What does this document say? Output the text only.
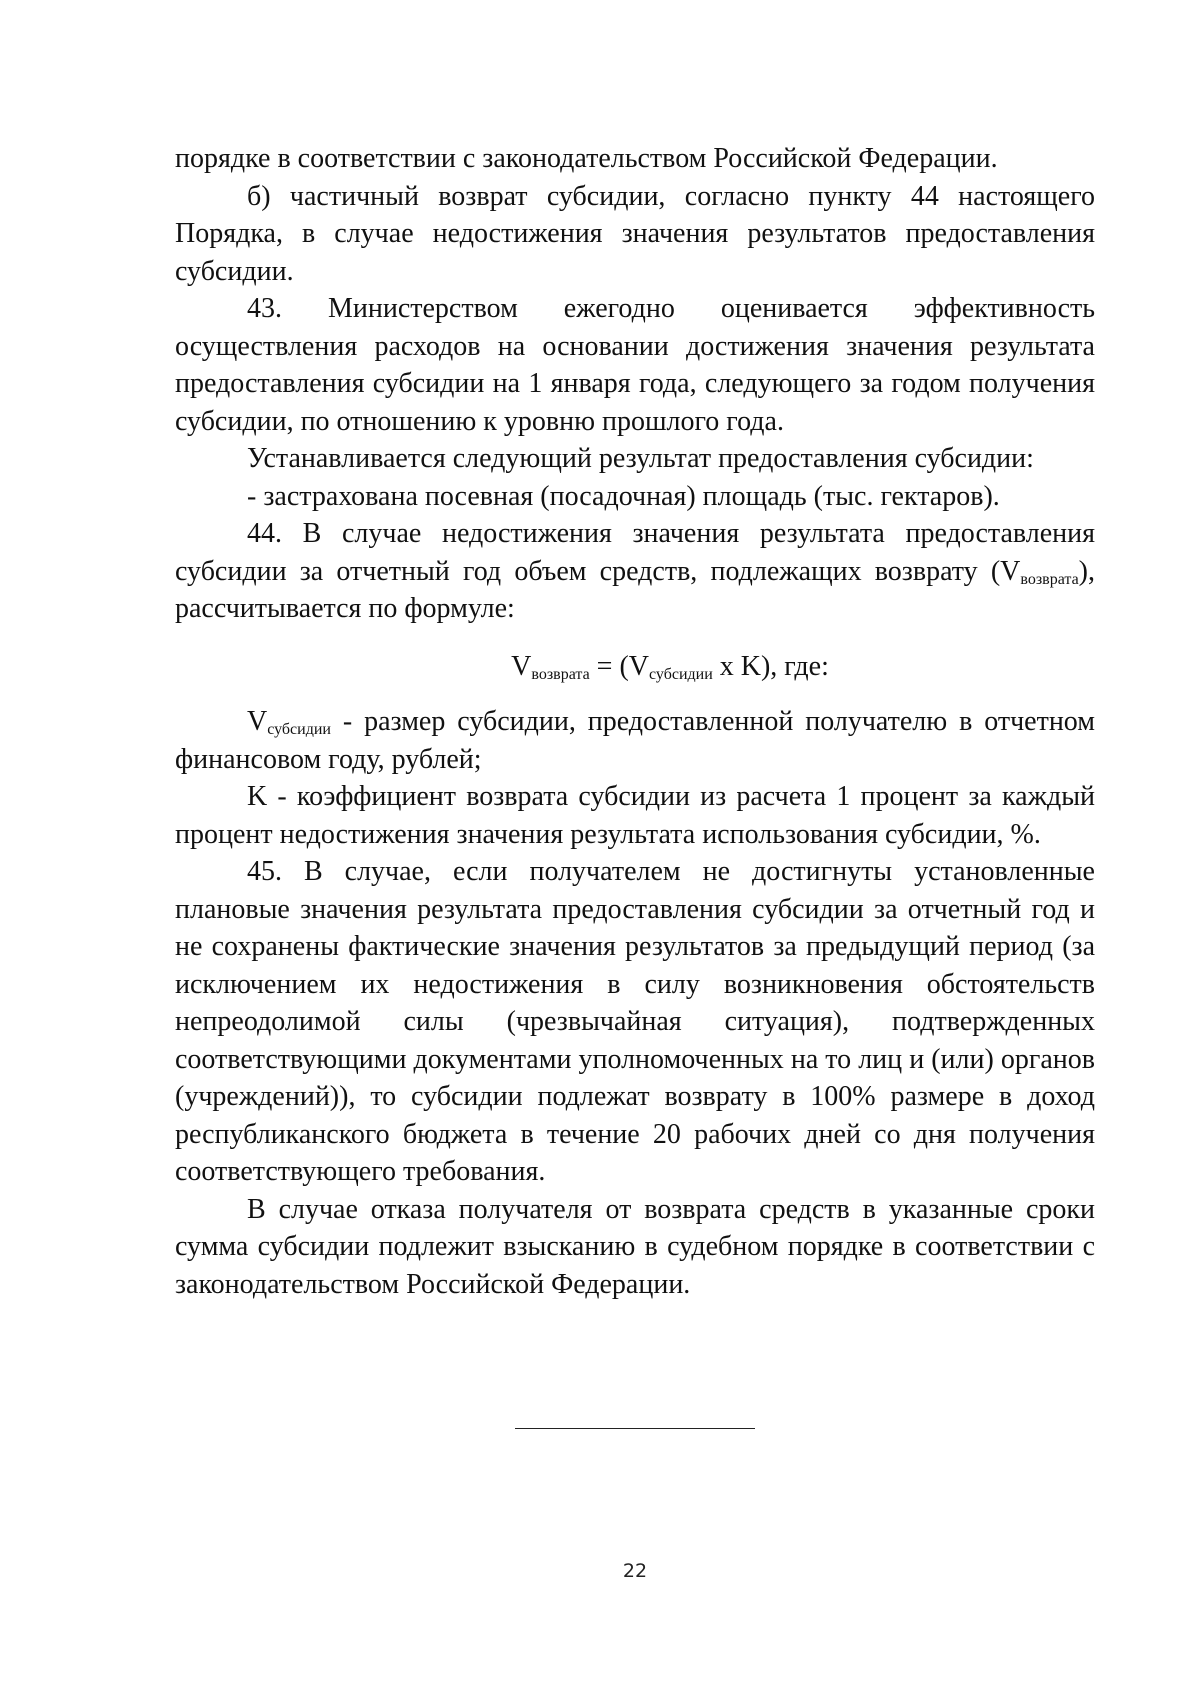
порядке в соответствии с законодательством Российской Федерации.

б) частичный возврат субсидии, согласно пункту 44 настоящего Порядка, в случае недостижения значения результатов предоставления субсидии.

43. Министерством ежегодно оценивается эффективность осуществления расходов на основании достижения значения результата предоставления субсидии на 1 января года, следующего за годом получения субсидии, по отношению к уровню прошлого года.

Устанавливается следующий результат предоставления субсидии:

- застрахована посевная (посадочная) площадь (тыс. гектаров).

44. В случае недостижения значения результата предоставления субсидии за отчетный год объем средств, подлежащих возврату $(V_{возврата})$, рассчитывается по формуле:

$V_{возврата} = (V_{субсидии}$ х K), где:

$V_{субсидии}$ - размер субсидии, предоставленной получателю в отчетном финансовом году, рублей;

K - коэффициент возврата субсидии из расчета 1 процент за каждый процент недостижения значения результата использования субсидии, %.

45. В случае, если получателем не достигнуты установленные плановые значения результата предоставления субсидии за отчетный год и не сохранены фактические значения результатов за предыдущий период (за исключением их недостижения в силу возникновения обстоятельств непреодолимой силы (чрезвычайная ситуация), подтвержденных соответствующими документами уполномоченных на то лиц и (или) органов (учреждений)), то субсидии подлежат возврату в 100% размере в доход республиканского бюджета в течение 20 рабочих дней со дня получения соответствующего требования.

В случае отказа получателя от возврата средств в указанные сроки сумма субсидии подлежит взысканию в судебном порядке в соответствии с законодательством Российской Федерации.

22
